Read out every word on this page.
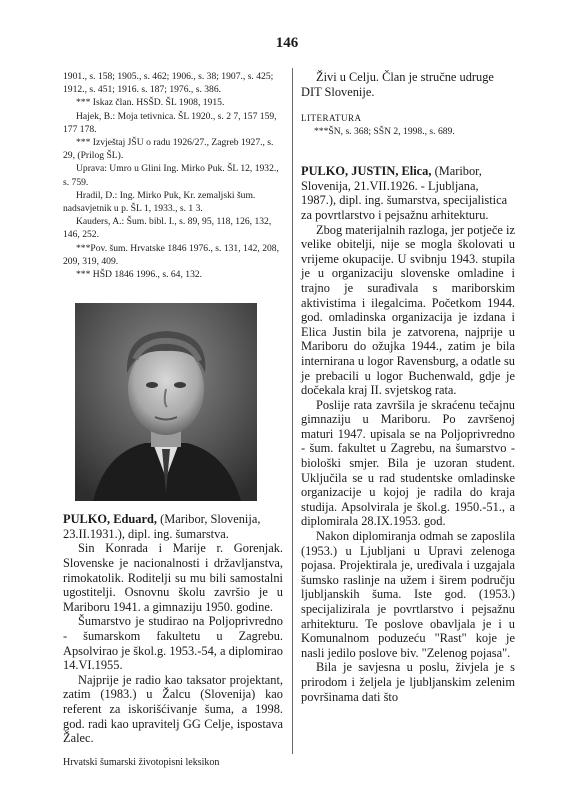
146

1901., s. 158; 1905., s. 462; 1906., s. 38; 1907., s. 425; 1912., s. 451; 1916. s. 187; 1976., s. 386.

*** Iskaz član. HSŠD. ŠL 1908, 1915.

Hajek, B.: Moja tetivnica. ŠL 1920., s. 2 7, 157 159, 177 178.

*** Izvještaj JŠU o radu 1926/27., Zagreb 1927., s. 29, (Prilog ŠL).

Uprava: Umro u Glini Ing. Mirko Puk. ŠL 12, 1932., s. 759.

Hradil, D.: Ing. Mirko Puk, Kr. zemaljski šum. nadsavjetnik u p. ŠL 1, 1933., s. 1 3.

Kauders, A.: Šum. bibl. I., s. 89, 95, 118, 126, 132, 146, 252.

***Pov. šum. Hrvatske 1846 1976., s. 131, 142, 208, 209, 319, 409.

*** HŠD 1846 1996., s. 64, 132.

PULKO, Eduard, (Maribor, Slovenija, 23.II.1931.), dipl. ing. šumarstva.

Sin Konrada i Marije r. Gorenjak. Slovenske je nacionalnosti i državljanstva, rimokatolik. Roditelji su mu bili samostalni ugostitelji. Osnovnu školu završio je u Mariboru 1941. a gimnaziju 1950. godine.

Šumarstvo je studirao na Poljoprivredno - šumarskom fakultetu u Zagrebu. Apsolvirao je škol.g. 1953.-54, a diplomirao 14.VI.1955.

Najprije je radio kao taksator projektant, zatim (1983.) u Žalcu (Slovenija) kao referent za iskorišćivanje šuma, a 1998. god. radi kao upravitelj GG Celje, ispostava Žalec.

Živi u Celju. Član je stručne udruge DIT Slovenije.

LITERATURA

***ŠN, s. 368; SŠN 2, 1998., s. 689.

PULKO, JUSTIN, Elica, (Maribor, Slovenija, 21.VII.1926. - Ljubljana, 1987.), dipl. ing. šumarstva, specijalistica za povrtlarstvo i pejsažnu arhitekturu.

Zbog materijalnih razloga, jer potječe iz velike obitelji, nije se mogla školovati u vrijeme okupacije. U svibnju 1943. stupila je u organizaciju slovenske omladine i trajno je surađivala s mariborskim aktivistima i ilegalcima. Početkom 1944. god. omladinska organizacija je izdana i Elica Justin bila je zatvorena, najprije u Mariboru do ožujka 1944., zatim je bila internirana u logor Ravensburg, a odatle su je prebacili u logor Buchenwald, gdje je dočekala kraj II. svjetskog rata.

Poslije rata završila je skraćenu tečajnu gimnaziju u Mariboru. Po završenoj maturi 1947. upisala se na Poljoprivredno - šum. fakultet u Zagrebu, na šumarstvo - biološki smjer. Bila je uzoran student. Uključila se u rad studentske omladinske organizacije u kojoj je radila do kraja studija. Apsolvirala je škol.g. 1950.-51., a diplomirala 28.IX.1953. god.

Nakon diplomiranja odmah se zaposlila (1953.) u Ljubljani u Upravi zelenoga pojasa. Projektirala je, uređivala i uzgajala šumsko raslinje na užem i širem području ljubljanskih šuma. Iste god. (1953.) specijalizirala je povrtlarstvo i pejsažnu arhitekturu. Te poslove obavljala je i u Komunalnom poduzeću "Rast" koje je nasli jedilo poslove biv. "Zelenog pojasa".

Bila je savjesna u poslu, živjela je s prirodom i željela je ljubljanskim zelenim površinama dati što

Hrvatski šumarski životopisni leksikon
